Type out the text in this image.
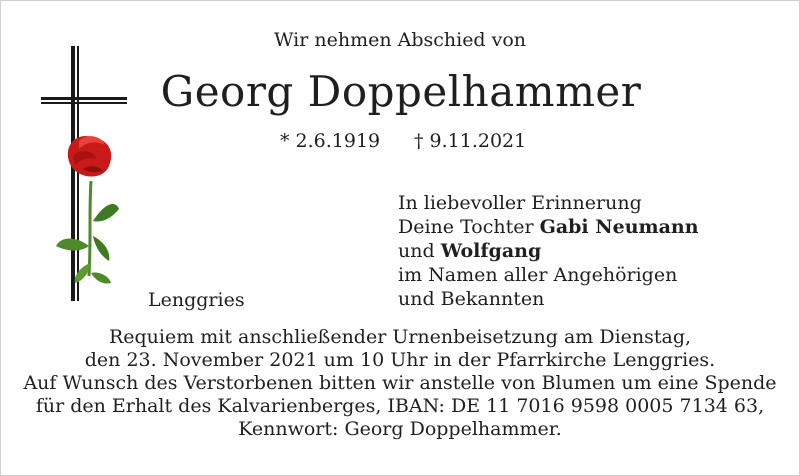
Wir nehmen Abschied von
Georg Doppelhammer
* 2.6.1919 † 9.11.2021
Lenggries
In liebevoller Erinnerung
Deine Tochter Gabi Neumann
und Wolfgang
im Namen aller Angehörigen
und Bekannten
Requiem mit anschließender Urnenbeisetzung am Dienstag,
den 23. November 2021 um 10 Uhr in der Pfarrkirche Lenggries.
Auf Wunsch des Verstorbenen bitten wir anstelle von Blumen um eine Spende
für den Erhalt des Kalvarienberges, IBAN: DE 11 7016 9598 0005 7134 63,
Kennwort: Georg Doppelhammer.
